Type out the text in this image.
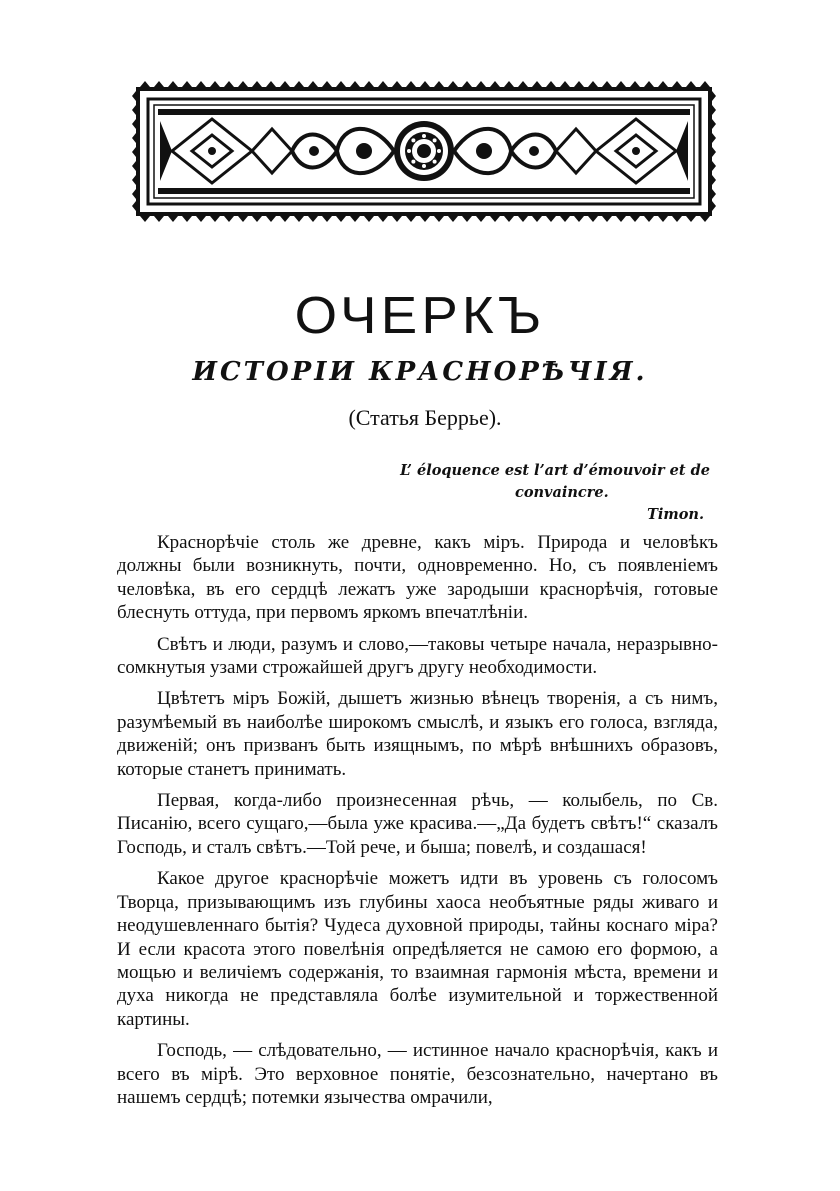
ОЧЕРКЪ
ИСТОРІИ КРАСНОРѢЧІЯ.
(Статья Беррье).
L’ éloquence est l’art d’émouvoir et de
convaincre.
Timon.

Краснорѣчіе столь же древне, какъ міръ. Природа и человѣкъ должны были возникнуть, почти, одновременно. Но, съ появленіемъ человѣка, въ его сердцѣ лежатъ уже зародыши краснорѣчія, готовые блеснуть оттуда, при первомъ яркомъ впечатлѣніи.

Свѣтъ и люди, разумъ и слово,—таковы четыре начала, неразрывно-сомкнутыя узами строжайшей другъ другу необходимости.

Цвѣтетъ міръ Божій, дышетъ жизнью вѣнецъ творенія, а съ нимъ, разумѣемый въ наиболѣе широкомъ смыслѣ, и языкъ его голоса, взгляда, движеній; онъ призванъ быть изящнымъ, по мѣрѣ внѣшнихъ образовъ, которые станетъ принимать.

Первая, когда-либо произнесенная рѣчь, — колыбель, по Св. Писанію, всего сущаго,—была уже красива.—„Да будетъ свѣтъ!“ сказалъ Господь, и сталъ свѣтъ.—Той рече, и быша; повелѣ, и создашася!

Какое другое краснорѣчіе можетъ идти въ уровень съ голосомъ Творца, призывающимъ изъ глубины хаоса необъятные ряды живаго и неодушевленнаго бытія? Чудеса духовной природы, тайны коснаго міра? И если красота этого повелѣнія опредѣляется не самою его формою, а мощью и величіемъ содержанія, то взаимная гармонія мѣста, времени и духа никогда не представляла болѣе изумительной и торжественной картины.

Господь, — слѣдовательно, — истинное начало краснорѣчія, какъ и всего въ мірѣ. Это верховное понятіе, безсознательно, начертано въ нашемъ сердцѣ; потемки язычества омрачили,
